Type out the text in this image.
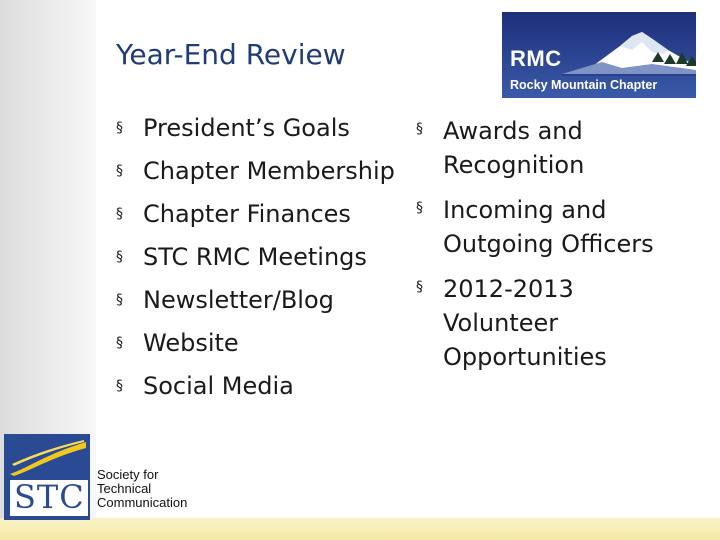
Year-End Review	RMC
Rocky Mountain Chapter
§ President’s Goals
§ Chapter Membership
§ Chapter Finances
§ STC RMC Meetings
§ Newsletter/Blog
§ Website
§ Social Media
§ Awards and
Recognition
§ Incoming and
Outgoing Officers
§ 2012-2013
Volunteer
Opportunities
STC
Society for
Technical
Communication
